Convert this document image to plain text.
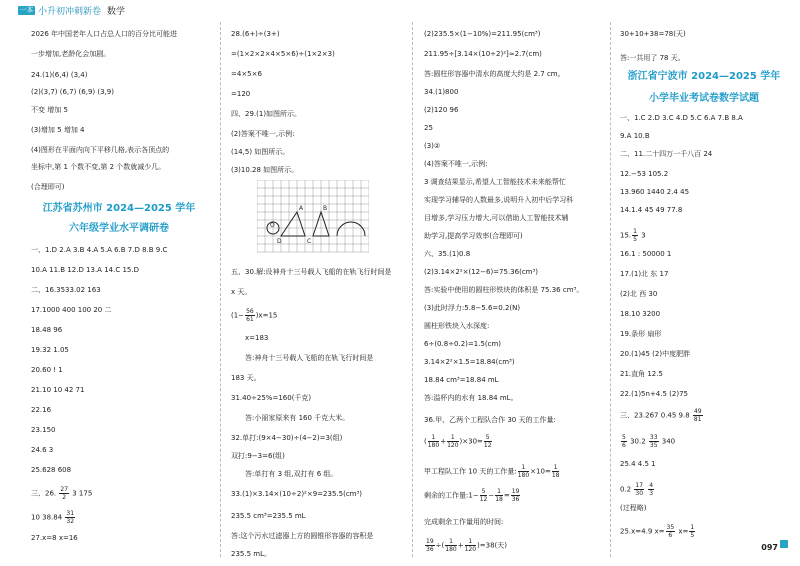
一本 小升初冲刺新卷 数学
2026 年中国老年人口占总人口的百分比可能进
一步增加,老龄化会加剧。
24.(1)(6,4) (3,4)
(2)(3,7) (6,7) (6,9) (3,9)
不变 增加 5
(3)增加 5 增加 4
(4)图形在平面内向下平移几格,表示各顶点的
坐标中,第 1 个数不变,第 2 个数就减少几。
(合理即可)
江苏省苏州市 2024—2025 学年
六年级学业水平调研卷
一、1.D 2.A 3.B 4.A 5.A 6.B 7.D 8.B 9.C
10.A 11.B 12.D 13.A 14.C 15.D
二、16.3533.02 163
17.1000 400 100 20 二
18.48 96
19.32 1.05
20.60 ! 1
21.10 10 42 71
22.16
23.150
24.6 3
25.628 608
三、26. $\frac{27}{2} 3$ 175
10 $38.84 \frac{31}{32}$
27.x=8 x=16
28.(6+)÷(3+)
=(1×2×2×4×5×6)÷(1×2×3)
=4×5×6
=120
四、29.(1)如图所示。
(2)答案不唯一,示例:
(14,5) 如图所示。
(3)10.28 如图所示。
O
A	B
C
D
五、30.解:设神舟十三号载人飞船的在轨飞行时间是
x 天。
$(1- \frac{56}{61} )x=15$
x=183
答:神舟十三号载人飞船的在轨飞行时间是
183 天。
31.40÷25%=160(千克)
答:小丽家原来有 160 千克大米。
32.单打:(9×4−30)÷(4−2)=3(组)
双打:9−3=6(组)
答:单打有 3 组,双打有 6 组。
33.(1)×3.14×(10÷2)²×9=235.5(cm³)
235.5 cm³=235.5 mL
答:这个污水过滤器上方的圆锥形容器的容积是
235.5 mL。
(2)235.5×(1−10%)=211.95(cm³)
211.95÷[3.14×(10÷2)²]≈2.7(cm)
答:圆柱形容器中清水的高度大约是 2.7 cm。
34.(1)800
(2)120 96
25
(3)②
(4)答案不唯一,示例:
3 调查结果显示,希望人工智能技术未来能帮忙
实现学习辅导的人数最多,说明升入初中后学习科
目增多,学习压力增大,可以借助人工智能技术辅
助学习,提高学习效率(合理即可)
六、35.(1)0.8
(2)3.14×2²×(12−6)=75.36(cm³)
答:实验中使用的圆柱形铁块的体积是 75.36 cm³。
(3)此时浮力:5.8−5.6=0.2(N)
圆柱形铁块入水深度:
6÷(0.8÷0.2)=1.5(cm)
3.14×2²×1.5=18.84(cm³)
18.84 cm³=18.84 mL
答:溢杯内的水有 18.84 mL。
36.甲、乙两个工程队合作 30 天的工作量:
( $\frac{1}{180} + \frac{1}{120} )\times 30= \frac{5}{12}$
甲工程队工作 10 天的工作量: $\frac{1}{180} \times 10= \frac{1}{18}$
剩余的工作量:1− $\frac{5}{12} - \frac{1}{18} = \frac{19}{36}$
完成剩余工作量用的时间:
$\frac{19}{36}$ ÷( $\frac{1}{180} + \frac{1}{120} )=38$(天)
30+10+38=78(天)
答:一共用了 78 天。
浙江省宁波市 2024—2025 学年
小学毕业考试卷数学试题
一、1.C 2.D 3.C 4.D 5.C 6.A 7.B 8.A
9.A 10.B
二、11.二十四万一千八百 24
12.−53 105.2
13.960 1440 2.4 45
14.1.4 45 49 77.8
15. $\frac{1}{5} 3$
16.1 : 50000 1
17.(1)北 东 17
(2)北 西 30
18.10 3200
19.条形 扇形
20.(1)45 (2)中度肥胖
21.直角 12.5
22.(1)5n+4.5 (2)75
三、23.267 0.45 $9.8 \frac{49}{81}$
$\frac{5}{6} 30.2 \frac{33}{35} 340$
25.4 4.5 1
$0.2 \frac{17}{30}$
$\frac{4}{3}$
(过程略)
25.x=4.9 $x= \frac{35}{6} x= \frac{1}{5}$
097
